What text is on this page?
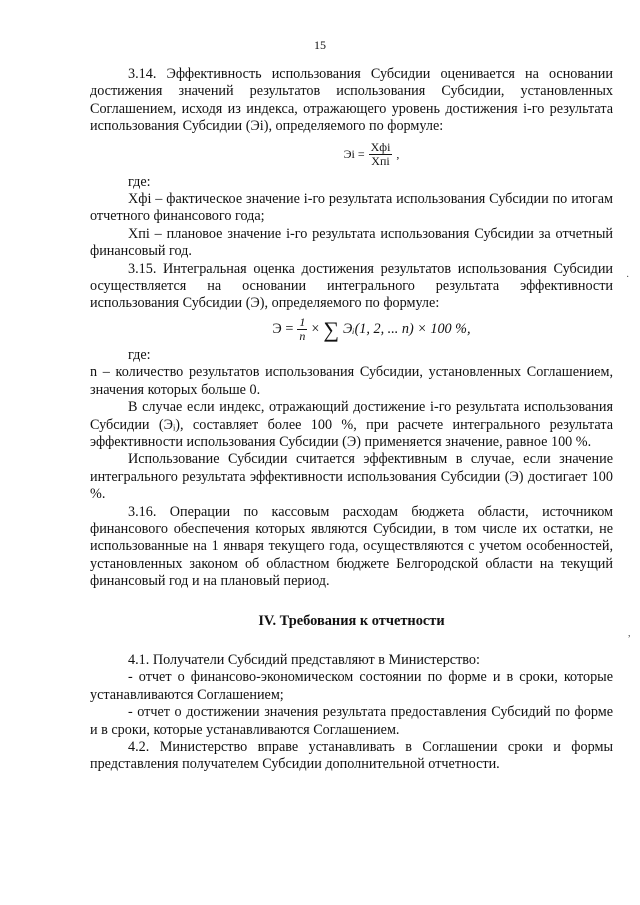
15

3.14. Эффективность использования Субсидии оценивается на основании достижения значений результатов использования Субсидии, установленных Соглашением, исходя из индекса, отражающего уровень достижения i-го результата использования Субсидии (Эi), определяемого по формуле:

Эi = $\frac{\text{Xфi}}{\text{Xпi}}$ ,

где:

Xфi – фактическое значение i-го результата использования Субсидии по итогам отчетного финансового года;

Xпi – плановое значение i-го результата использования Субсидии за отчетный финансовый год.

3.15. Интегральная оценка достижения результатов использования Субсидии осуществляется на основании интегрального результата эффективности использования Субсидии (Э), определяемого по формуле:

$Э = \frac{1}{n}$ × ∑ Эᵢ(1, 2, ... n) × 100 %,

где:

n – количество результатов использования Субсидии, установленных Соглашением, значения которых больше 0.

В случае если индекс, отражающий достижение i-го результата использования Субсидии (Эᵢ), составляет более 100 %, при расчете интегрального результата эффективности использования Субсидии (Э) применяется значение, равное 100 %.

Использование Субсидии считается эффективным в случае, если значение интегрального результата эффективности использования Субсидии (Э) достигает 100 %.

3.16. Операции по кассовым расходам бюджета области, источником финансового обеспечения которых являются Субсидии, в том числе их остатки, не использованные на 1 января текущего года, осуществляются с учетом особенностей, установленных законом об областном бюджете Белгородской области на текущий финансовый год и на плановый период.

IV. Требования к отчетности

4.1. Получатели Субсидий представляют в Министерство:

- отчет о финансово-экономическом состоянии по форме и в сроки, которые устанавливаются Соглашением;

- отчет о достижении значения результата предоставления Субсидий по форме и в сроки, которые устанавливаются Соглашением.

4.2. Министерство вправе устанавливать в Соглашении сроки и формы представления получателем Субсидии дополнительной отчетности.

·
,
